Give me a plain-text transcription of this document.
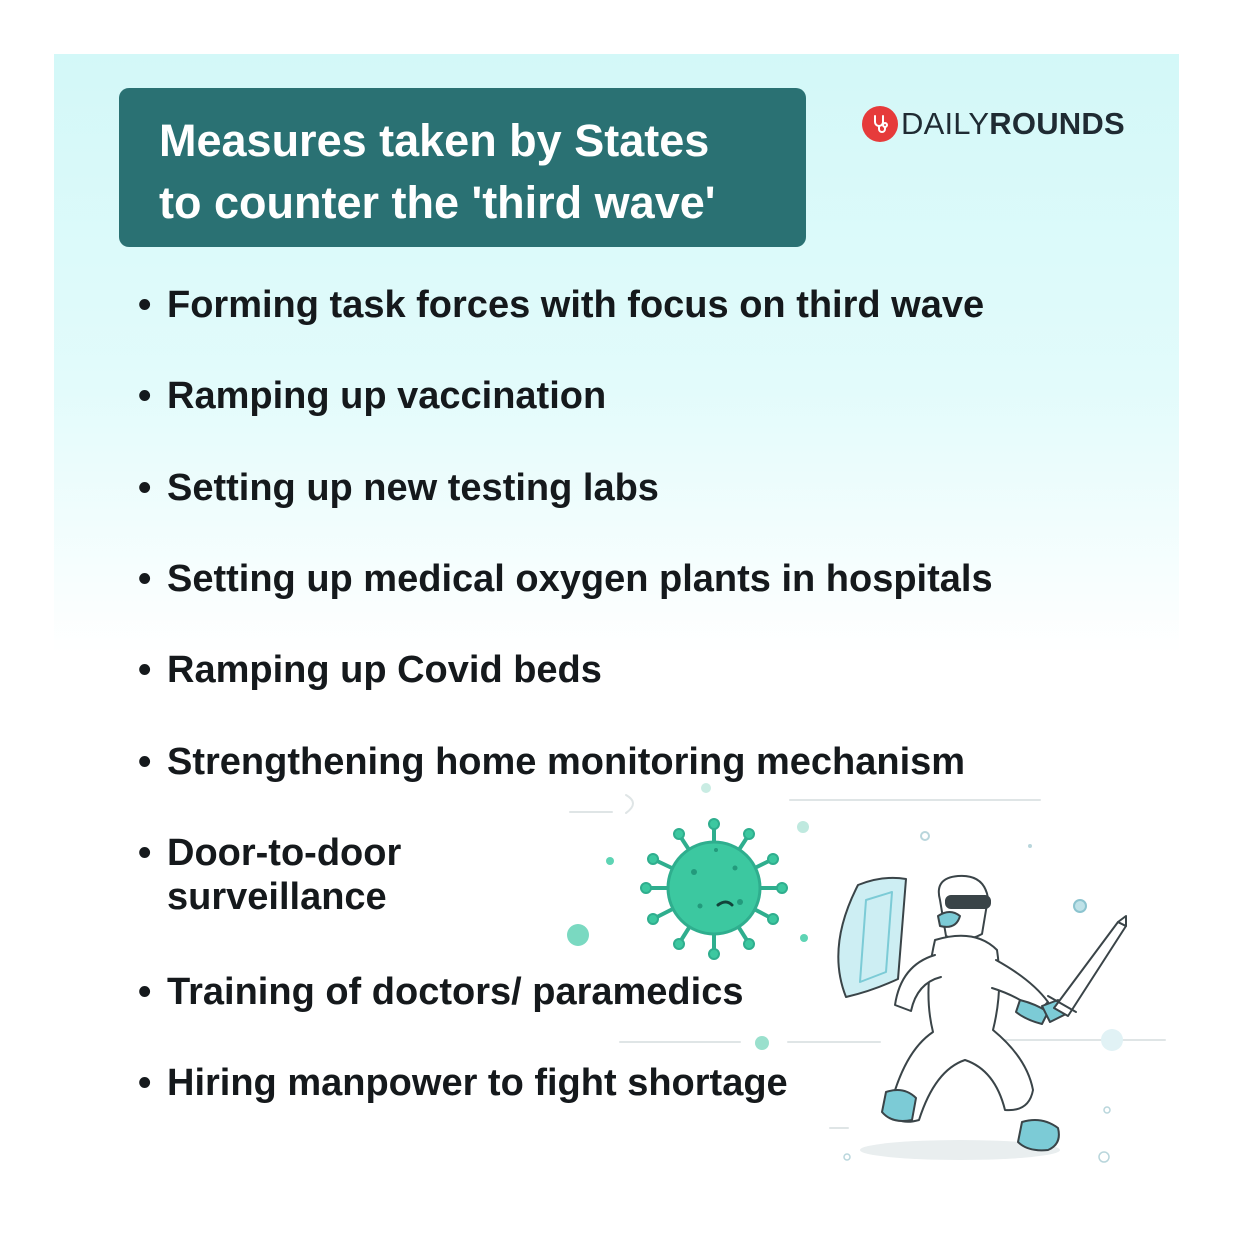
Measures taken by States
to counter the 'third wave'
DAILYROUNDS
• Forming task forces with focus on third wave
• Ramping up vaccination
• Setting up new testing labs
• Setting up medical oxygen plants in hospitals
• Ramping up Covid beds
• Strengthening home monitoring mechanism
• Door-to-door
surveillance
• Training of doctors/ paramedics
• Hiring manpower to fight shortage
